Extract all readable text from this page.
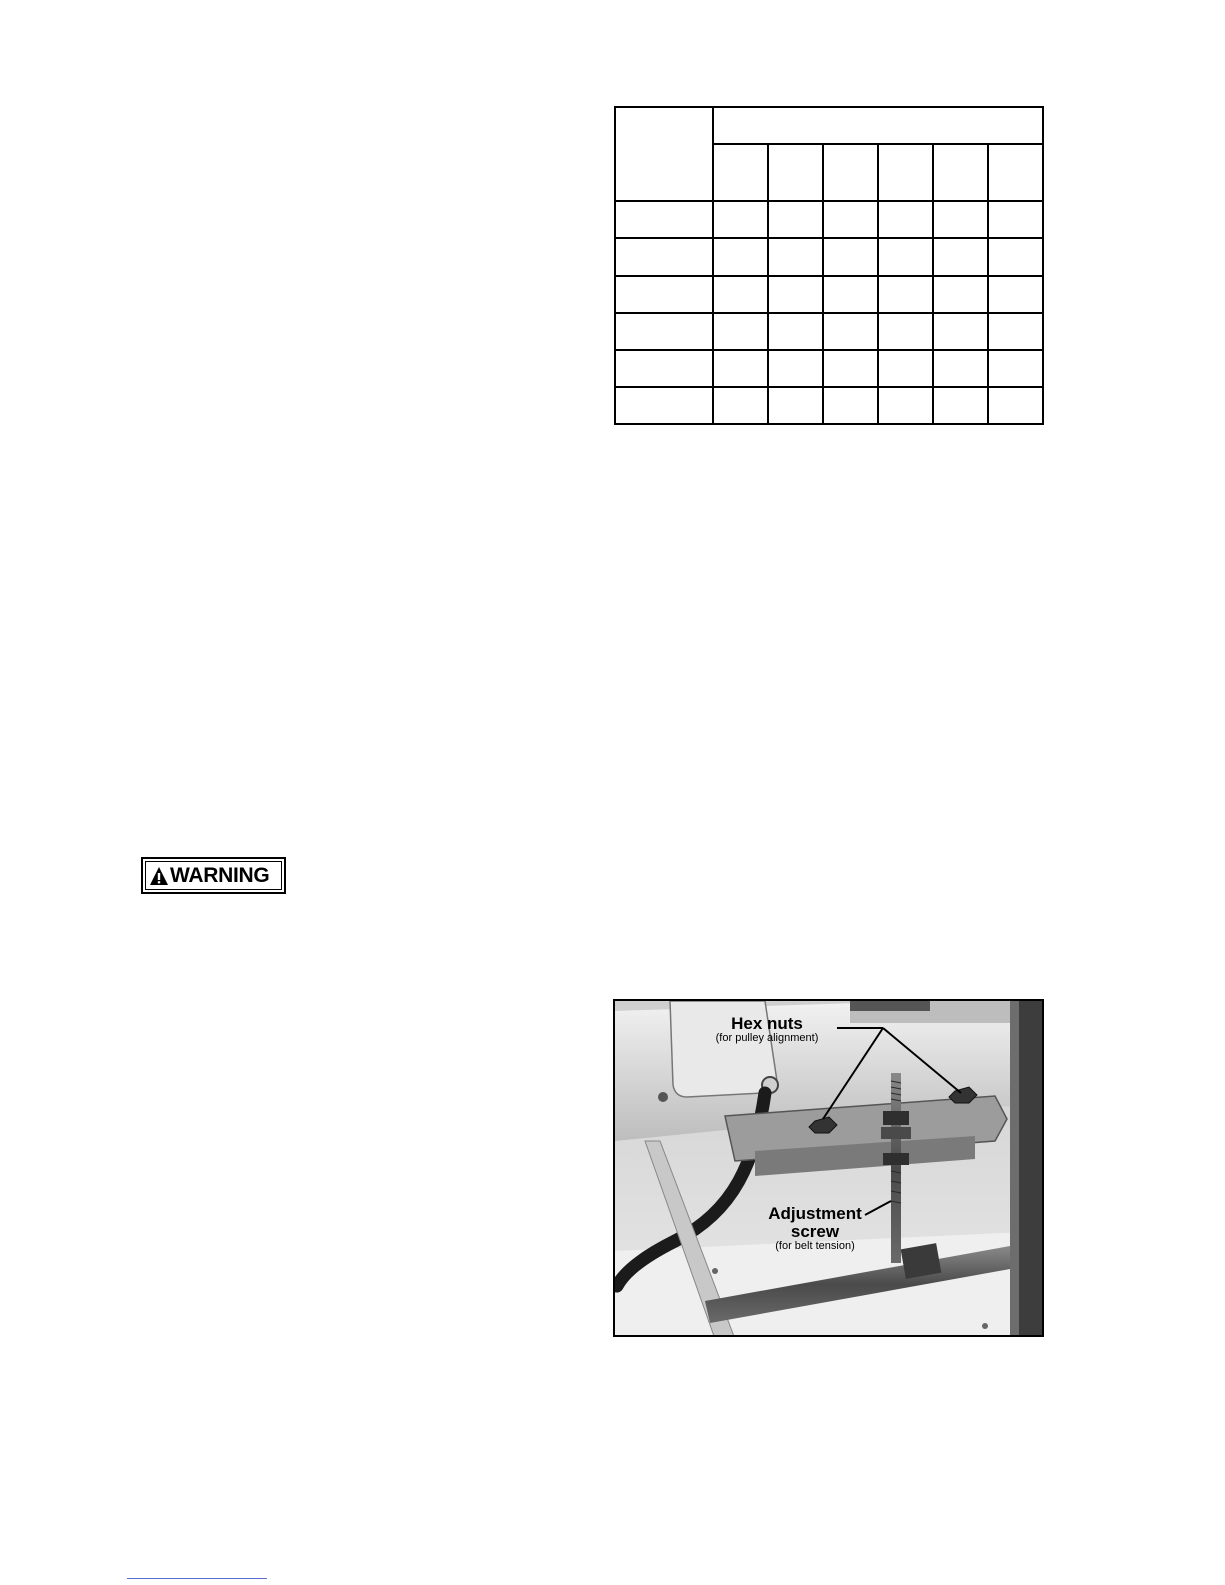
WARNING
Hex nuts
(for pulley alignment)
Adjustment
screw
(for belt tension)
